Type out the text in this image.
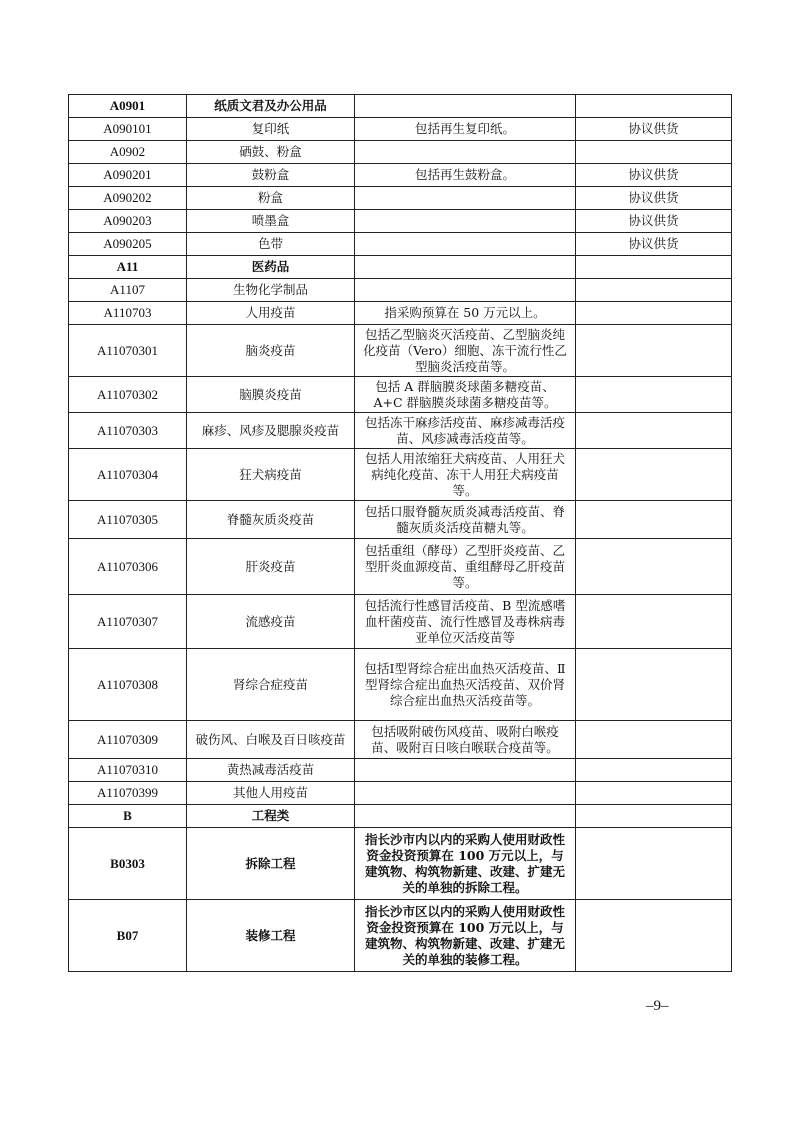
A0901	纸质文君及办公用品		
A090101	复印纸	包括再生复印纸。	协议供货
A0902	硒鼓、粉盒		
A090201	鼓粉盒	包括再生鼓粉盒。	协议供货
A090202	粉盒		协议供货
A090203	喷墨盒		协议供货
A090205	色带		协议供货
A11	医药品		
A1107	生物化学制品		
A110703	人用疫苗	指采购预算在 50 万元以上。	
A11070301	脑炎疫苗	包括乙型脑炎灭活疫苗、乙型脑炎纯化疫苗（Vero）细胞、冻干流行性乙型脑炎活疫苗等。	
A11070302	脑膜炎疫苗	包括 A 群脑膜炎球菌多糖疫苗、A+C 群脑膜炎球菌多糖疫苗等。	
A11070303	麻疹、风疹及腮腺炎疫苗	包括冻干麻疹活疫苗、麻疹减毒活疫苗、风疹减毒活疫苗等。	
A11070304	狂犬病疫苗	包括人用浓缩狂犬病疫苗、人用狂犬病纯化疫苗、冻干人用狂犬病疫苗等。	
A11070305	脊髓灰质炎疫苗	包括口服脊髓灰质炎减毒活疫苗、脊髓灰质炎活疫苗糖丸等。	
A11070306	肝炎疫苗	包括重组（酵母）乙型肝炎疫苗、乙型肝炎血源疫苗、重组酵母乙肝疫苗等。	
A11070307	流感疫苗	包括流行性感冒活疫苗、B 型流感嗜血杆菌疫苗、流行性感冒及毒株病毒亚单位灭活疫苗等	
A11070308	肾综合症疫苗	包括Ⅰ型肾综合症出血热灭活疫苗、Ⅱ型肾综合症出血热灭活疫苗、双价肾综合症出血热灭活疫苗等。	
A11070309	破伤风、白喉及百日咳疫苗	包括吸附破伤风疫苗、吸附白喉疫苗、吸附百日咳白喉联合疫苗等。	
A11070310	黄热减毒活疫苗		
A11070399	其他人用疫苗		
B	工程类		
B0303	拆除工程	指长沙市内以内的采购人使用财政性资金投资预算在 100 万元以上，与建筑物、构筑物新建、改建、扩建无关的单独的拆除工程。	
B07	装修工程	指长沙市区以内的采购人使用财政性资金投资预算在 100 万元以上，与建筑物、构筑物新建、改建、扩建无关的单独的装修工程。	
–9–
